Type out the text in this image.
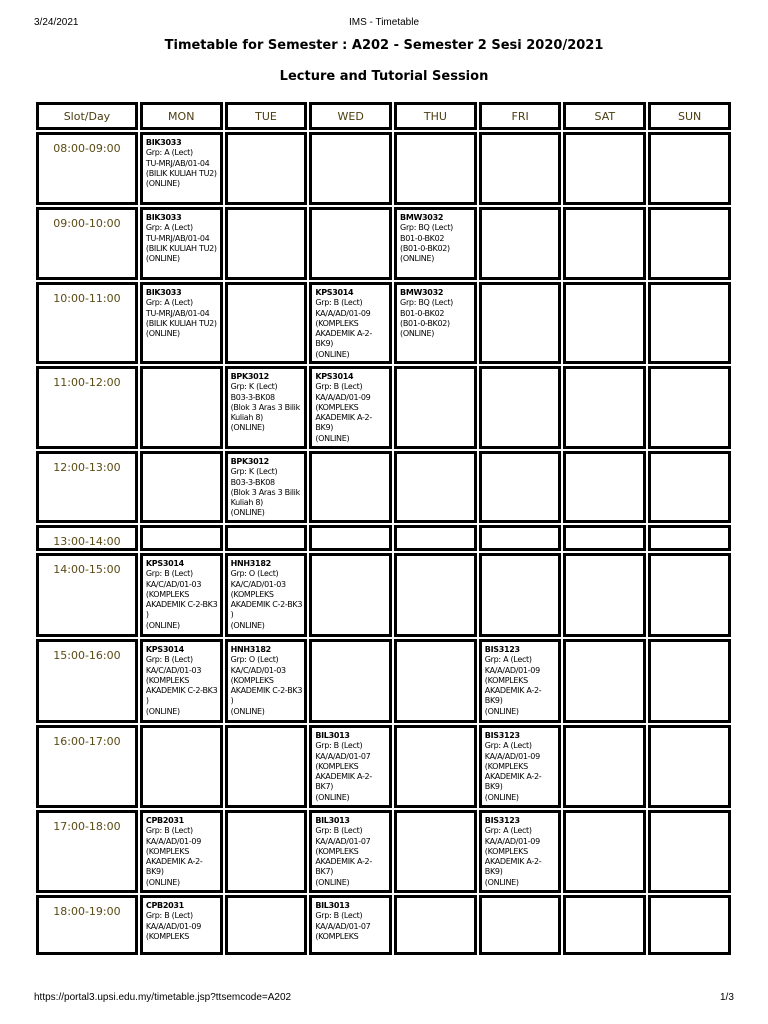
3/24/2021	IMS - Timetable
Timetable for Semester : A202 - Semester 2 Sesi 2020/2021
Lecture and Tutorial Session
Slot/Day	MON	TUE	WED	THU	FRI	SAT	SUN
08:00-09:00	BIK3033
Grp: A (Lect)
TU-MRJ/AB/01-04
(BILIK KULIAH TU2)
(ONLINE)						

09:00-10:00	BIK3033
Grp: A (Lect)
TU-MRJ/AB/01-04
(BILIK KULIAH TU2)
(ONLINE)			BMW3032
Grp: BQ (Lect)
B01-0-BK02
(B01-0-BK02)
(ONLINE)			

10:00-11:00	BIK3033
Grp: A (Lect)
TU-MRJ/AB/01-04
(BILIK KULIAH TU2)
(ONLINE)		KPS3014
Grp: B (Lect)
KA/A/AD/01-09
(KOMPLEKS AKADEMIK A-2-BK9)
(ONLINE)	BMW3032
Grp: BQ (Lect)
B01-0-BK02
(B01-0-BK02)
(ONLINE)			

11:00-12:00		BPK3012
Grp: K (Lect)
B03-3-BK08
(Blok 3 Aras 3 Bilik Kuliah 8)
(ONLINE)	KPS3014
Grp: B (Lect)
KA/A/AD/01-09
(KOMPLEKS AKADEMIK A-2-BK9)
(ONLINE)				

12:00-13:00		BPK3012
Grp: K (Lect)
B03-3-BK08
(Blok 3 Aras 3 Bilik Kuliah 8)
(ONLINE)					

13:00-14:00							
14:00-15:00	KPS3014
Grp: B (Lect)
KA/C/AD/01-03
(KOMPLEKS AKADEMIK C-2-BK3 )
(ONLINE)	HNH3182
Grp: O (Lect)
KA/C/AD/01-03
(KOMPLEKS AKADEMIK C-2-BK3 )
(ONLINE)					

15:00-16:00	KPS3014
Grp: B (Lect)
KA/C/AD/01-03
(KOMPLEKS AKADEMIK C-2-BK3 )
(ONLINE)	HNH3182
Grp: O (Lect)
KA/C/AD/01-03
(KOMPLEKS AKADEMIK C-2-BK3 )
(ONLINE)			BIS3123
Grp: A (Lect)
KA/A/AD/01-09
(KOMPLEKS AKADEMIK A-2-BK9)
(ONLINE)		

16:00-17:00			BIL3013
Grp: B (Lect)
KA/A/AD/01-07
(KOMPLEKS AKADEMIK A-2-BK7)
(ONLINE)		BIS3123
Grp: A (Lect)
KA/A/AD/01-09
(KOMPLEKS AKADEMIK A-2-BK9)
(ONLINE)		

17:00-18:00	CPB2031
Grp: B (Lect)
KA/A/AD/01-09
(KOMPLEKS AKADEMIK A-2-BK9)
(ONLINE)		BIL3013
Grp: B (Lect)
KA/A/AD/01-07
(KOMPLEKS AKADEMIK A-2-BK7)
(ONLINE)		BIS3123
Grp: A (Lect)
KA/A/AD/01-09
(KOMPLEKS AKADEMIK A-2-BK9)
(ONLINE)		

18:00-19:00	CPB2031
Grp: B (Lect)
KA/A/AD/01-09
(KOMPLEKS		BIL3013
Grp: B (Lect)
KA/A/AD/01-07
(KOMPLEKS				

https://portal3.upsi.edu.my/timetable.jsp?ttsemcode=A202	1/3
